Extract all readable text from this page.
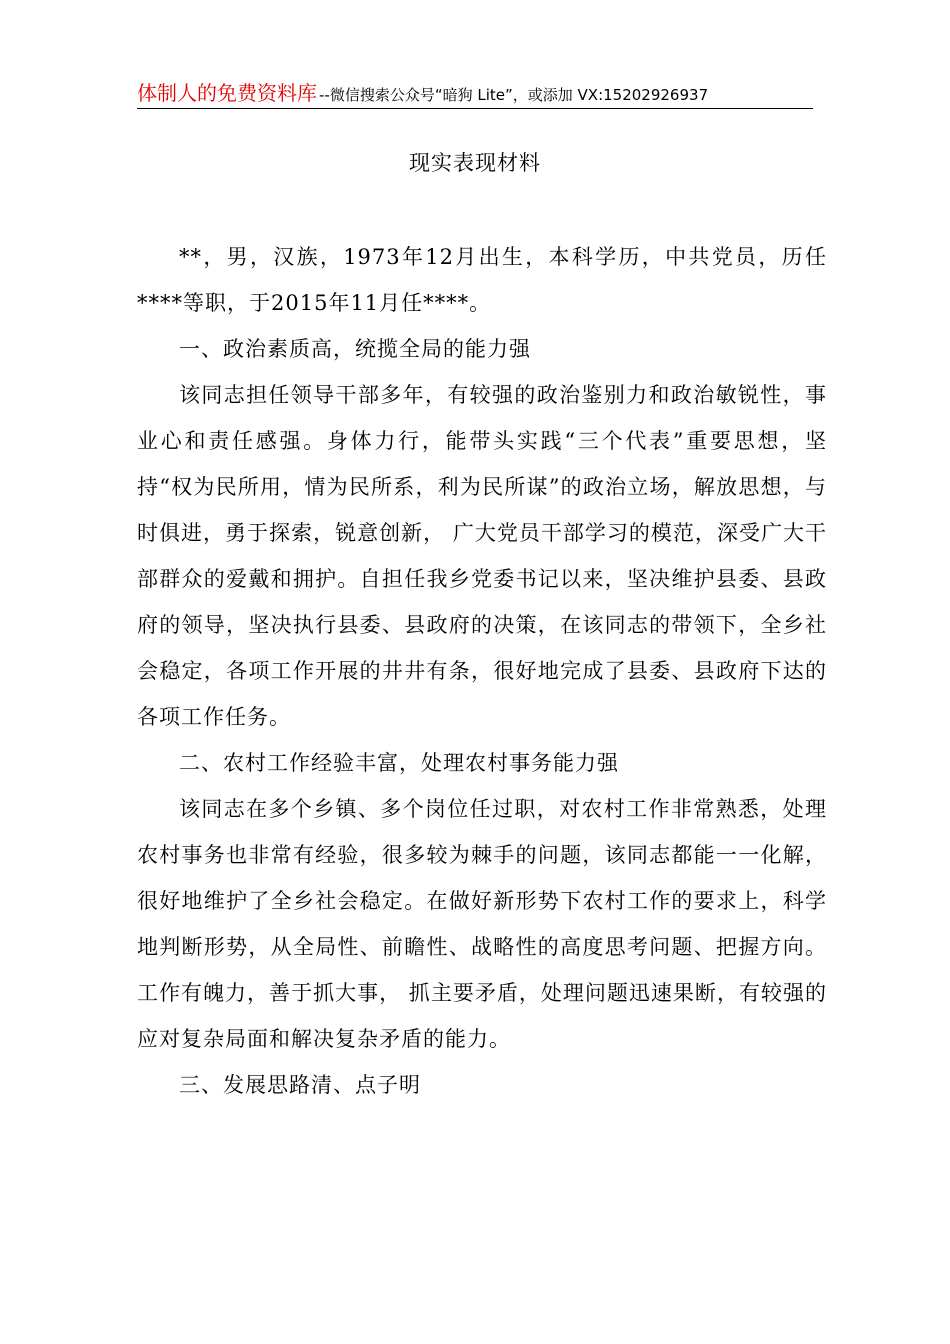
体制人的免费资料库 --微信搜索公众号“暗狗 Lite”，或添加 VX:15202926937
现实表现材料

**，男，汉族，1973年12月出生，本科学历，中共党员，历任****等职，于2015年11月任****。

一、政治素质高，统揽全局的能力强

该同志担任领导干部多年，有较强的政治鉴别力和政治敏锐性，事业心和责任感强。身体力行，能带头实践“三个代表”重要思想，坚持“权为民所用，情为民所系，利为民所谋”的政治立场，解放思想，与时俱进，勇于探索，锐意创新， 广大党员干部学习的模范，深受广大干部群众的爱戴和拥护。自担任我乡党委书记以来，坚决维护县委、县政府的领导，坚决执行县委、县政府的决策，在该同志的带领下，全乡社会稳定，各项工作开展的井井有条，很好地完成了县委、县政府下达的各项工作任务。

二、农村工作经验丰富，处理农村事务能力强

该同志在多个乡镇、多个岗位任过职，对农村工作非常熟悉，处理农村事务也非常有经验，很多较为棘手的问题，该同志都能一一化解，很好地维护了全乡社会稳定。在做好新形势下农村工作的要求上，科学地判断形势，从全局性、前瞻性、战略性的高度思考问题、把握方向。工作有魄力，善于抓大事， 抓主要矛盾，处理问题迅速果断，有较强的应对复杂局面和解决复杂矛盾的能力。

三、发展思路清、点子明
